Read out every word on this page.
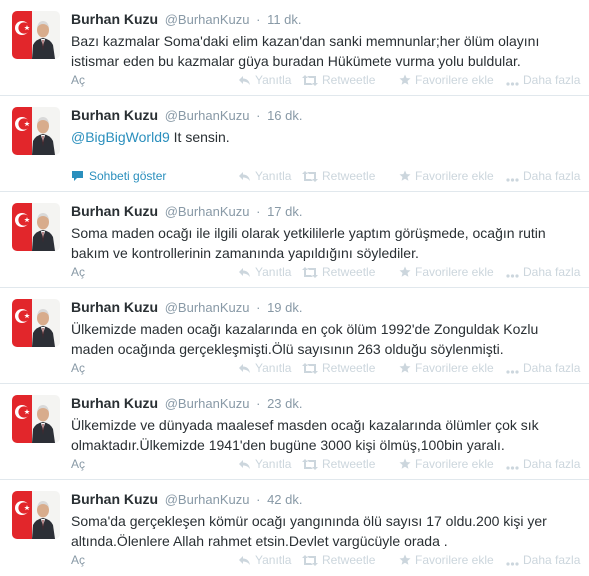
Burhan Kuzu @BurhanKuzu · 11 dk.
Bazı kazmalar Soma'daki elim kazan'dan sanki memnunlar;her ölüm olayını istismar eden bu kazmalar güya buradan Hükümete vurma yolu buldular.
Aç	Yanıtla	Retweetle	Favorilere ekle	Daha fazla
Burhan Kuzu @BurhanKuzu · 16 dk.
@BigBigWorld9 It sensin.
Sohbeti göster	Yanıtla	Retweetle	Favorilere ekle	Daha fazla
Burhan Kuzu @BurhanKuzu · 17 dk.
Soma maden ocağı ile ilgili olarak yetkililerle yaptım görüşmede, ocağın rutin bakım ve kontrollerinin zamanında yapıldığını söylediler.
Aç	Yanıtla	Retweetle	Favorilere ekle	Daha fazla
Burhan Kuzu @BurhanKuzu · 19 dk.
Ülkemizde maden ocağı kazalarında en çok ölüm 1992'de Zonguldak Kozlu maden ocağında gerçekleşmişti.Ölü sayısının 263 olduğu söylenmişti.
Aç	Yanıtla	Retweetle	Favorilere ekle	Daha fazla
Burhan Kuzu @BurhanKuzu · 23 dk.
Ülkemizde ve dünyada maalesef masden ocağı kazalarında ölümler çok sık olmaktadır.Ülkemizde 1941'den bugüne 3000 kişi ölmüş,100bin yaralı.
Aç	Yanıtla	Retweetle	Favorilere ekle	Daha fazla
Burhan Kuzu @BurhanKuzu · 42 dk.
Soma'da gerçekleşen kömür ocağı yangınında ölü sayısı 17 oldu.200 kişi yer altında.Ölenlere Allah rahmet etsin.Devlet vargücüyle orada .
Aç	Yanıtla	Retweetle	Favorilere ekle	Daha fazla
